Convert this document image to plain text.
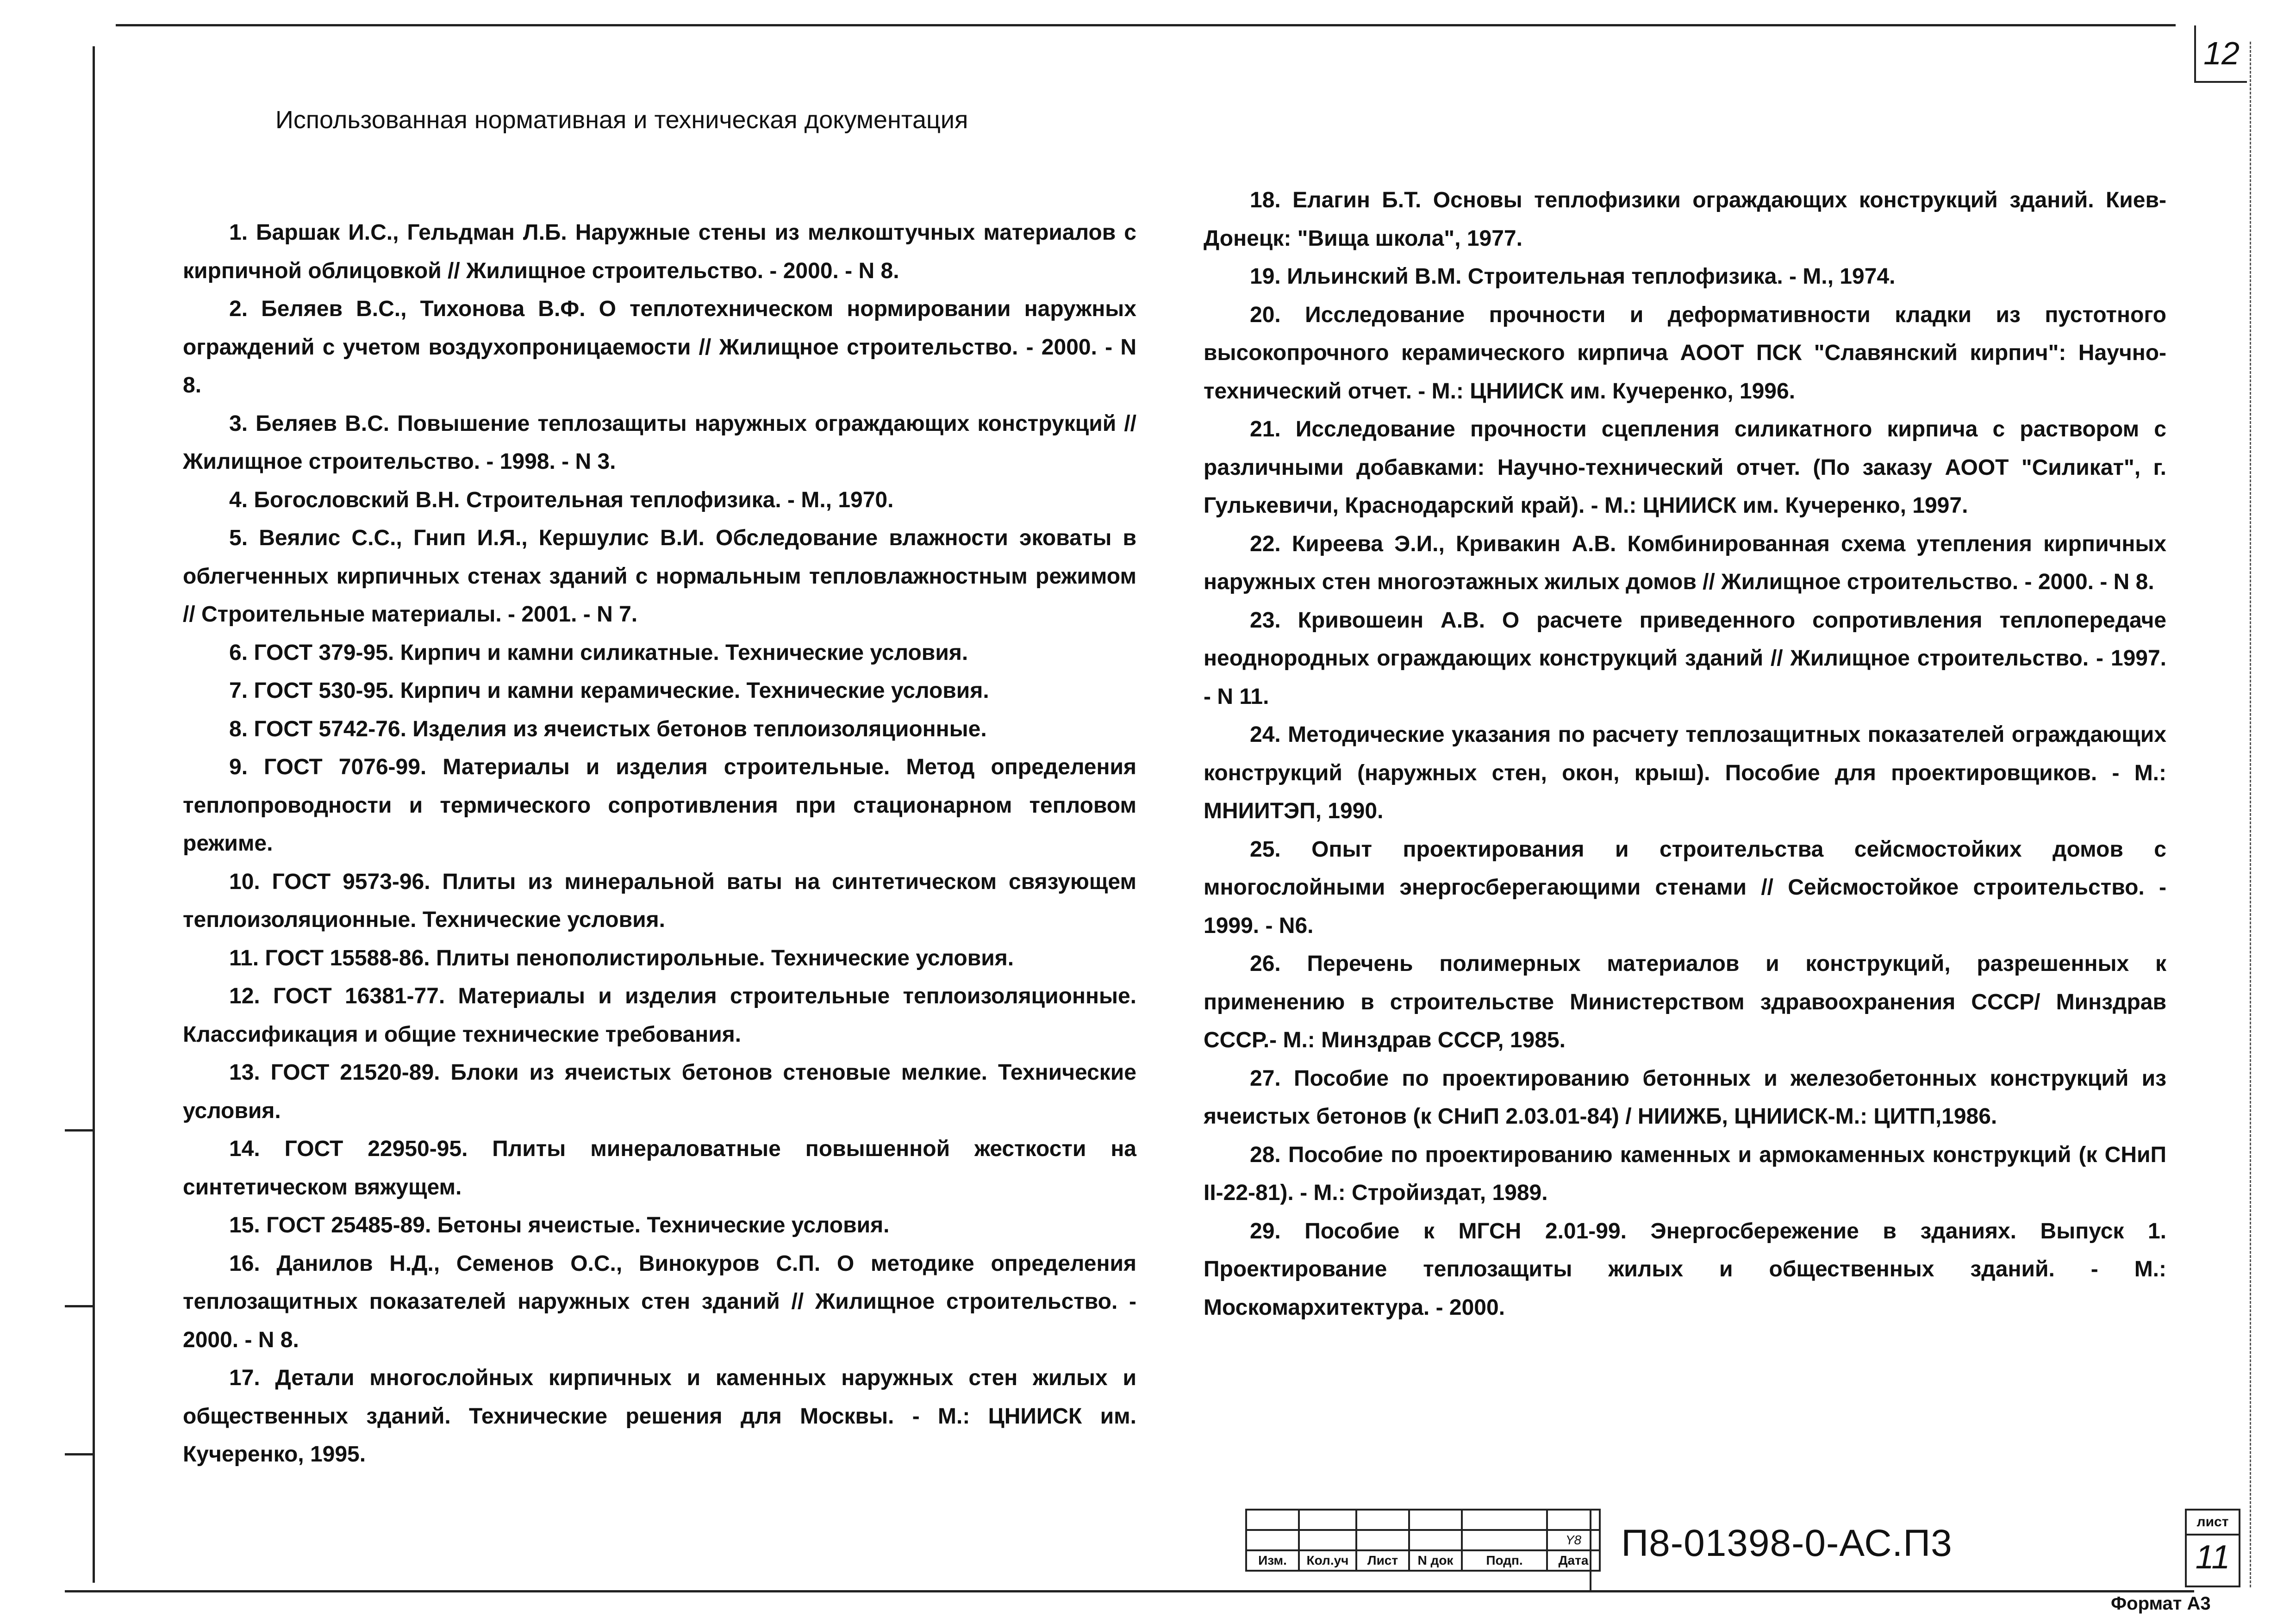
12
Использованная нормативная и техническая документация

1. Баршак И.С., Гельдман Л.Б. Наружные стены из мелкоштучных материалов с кирпичной облицовкой // Жилищное строительство. - 2000. - N 8.

2. Беляев В.С., Тихонова В.Ф. О теплотехническом нормировании наружных ограждений с учетом воздухопроницаемости // Жилищное строительство. - 2000. - N 8.

3. Беляев В.С. Повышение теплозащиты наружных ограждающих конструкций // Жилищное строительство. - 1998. - N 3.

4. Богословский В.Н. Строительная теплофизика. - М., 1970.

5. Веялис С.С., Гнип И.Я., Кершулис В.И. Обследование влажности эковаты в облегченных кирпичных стенах зданий с нормальным тепловлажностным режимом // Строительные материалы. - 2001. - N 7.

6. ГОСТ 379-95. Кирпич и камни силикатные. Технические условия.

7. ГОСТ 530-95. Кирпич и камни керамические. Технические условия.

8. ГОСТ 5742-76. Изделия из ячеистых бетонов теплоизоляционные.

9. ГОСТ 7076-99. Материалы и изделия строительные. Метод определения теплопроводности и термического сопротивления при стационарном тепловом режиме.

10. ГОСТ 9573-96. Плиты из минеральной ваты на синтетическом связующем теплоизоляционные. Технические условия.

11. ГОСТ 15588-86. Плиты пенополистирольные. Технические условия.

12. ГОСТ 16381-77. Материалы и изделия строительные теплоизоляционные. Классификация и общие технические требования.

13. ГОСТ 21520-89. Блоки из ячеистых бетонов стеновые мелкие. Технические условия.

14. ГОСТ 22950-95. Плиты минераловатные повышенной жесткости на синтетическом вяжущем.

15. ГОСТ 25485-89. Бетоны ячеистые. Технические условия.

16. Данилов Н.Д., Семенов О.С., Винокуров С.П. О методике определения теплозащитных показателей наружных стен зданий // Жилищное строительство. - 2000. - N 8.

17. Детали многослойных кирпичных и каменных наружных стен жилых и общественных зданий. Технические решения для Москвы. - М.: ЦНИИСК им. Кучеренко, 1995.

18. Елагин Б.Т. Основы теплофизики ограждающих конструкций зданий. Киев-Донецк: "Вища школа", 1977.

19. Ильинский В.М. Строительная теплофизика. - М., 1974.

20. Исследование прочности и деформативности кладки из пустотного высокопрочного керамического кирпича АООТ ПСК "Славянский кирпич": Научно-технический отчет. - М.: ЦНИИСК им. Кучеренко, 1996.

21. Исследование прочности сцепления силикатного кирпича с раствором с различными добавками: Научно-технический отчет. (По заказу АООТ "Силикат", г. Гулькевичи, Краснодарский край). - М.: ЦНИИСК им. Кучеренко, 1997.

22. Киреева Э.И., Кривакин А.В. Комбинированная схема утепления кирпичных наружных стен многоэтажных жилых домов // Жилищное строительство. - 2000. - N 8.

23. Кривошеин А.В. О расчете приведенного сопротивления теплопередаче неоднородных ограждающих конструкций зданий // Жилищное строительство. - 1997. - N 11.

24. Методические указания по расчету теплозащитных показателей ограждающих конструкций (наружных стен, окон, крыш). Пособие для проектировщиков. - М.: МНИИТЭП, 1990.

25. Опыт проектирования и строительства сейсмостойких домов с многослойными энергосберегающими стенами // Сейсмостойкое строительство. - 1999. - N6.

26. Перечень полимерных материалов и конструкций, разрешенных к применению в строительстве Министерством здравоохранения СССР/ Минздрав СССР.- М.: Минздрав СССР, 1985.

27. Пособие по проектированию бетонных и железобетонных конструкций из ячеистых бетонов (к СНиП 2.03.01-84) / НИИЖБ, ЦНИИСК-М.: ЦИТП,1986.

28. Пособие по проектированию каменных и армокаменных конструкций (к СНиП II-22-81). - М.: Стройиздат, 1989.

29. Пособие к МГСН 2.01-99. Энергосбережение в зданиях. Выпуск 1. Проектирование теплозащиты жилых и общественных зданий. - М.: Москомархитектура. - 2000.

					Y8
Изм.	Кол.уч	Лист	N док	Подп.	Дата П8-01398-0-АС.П3
лист
11
Формат А3
